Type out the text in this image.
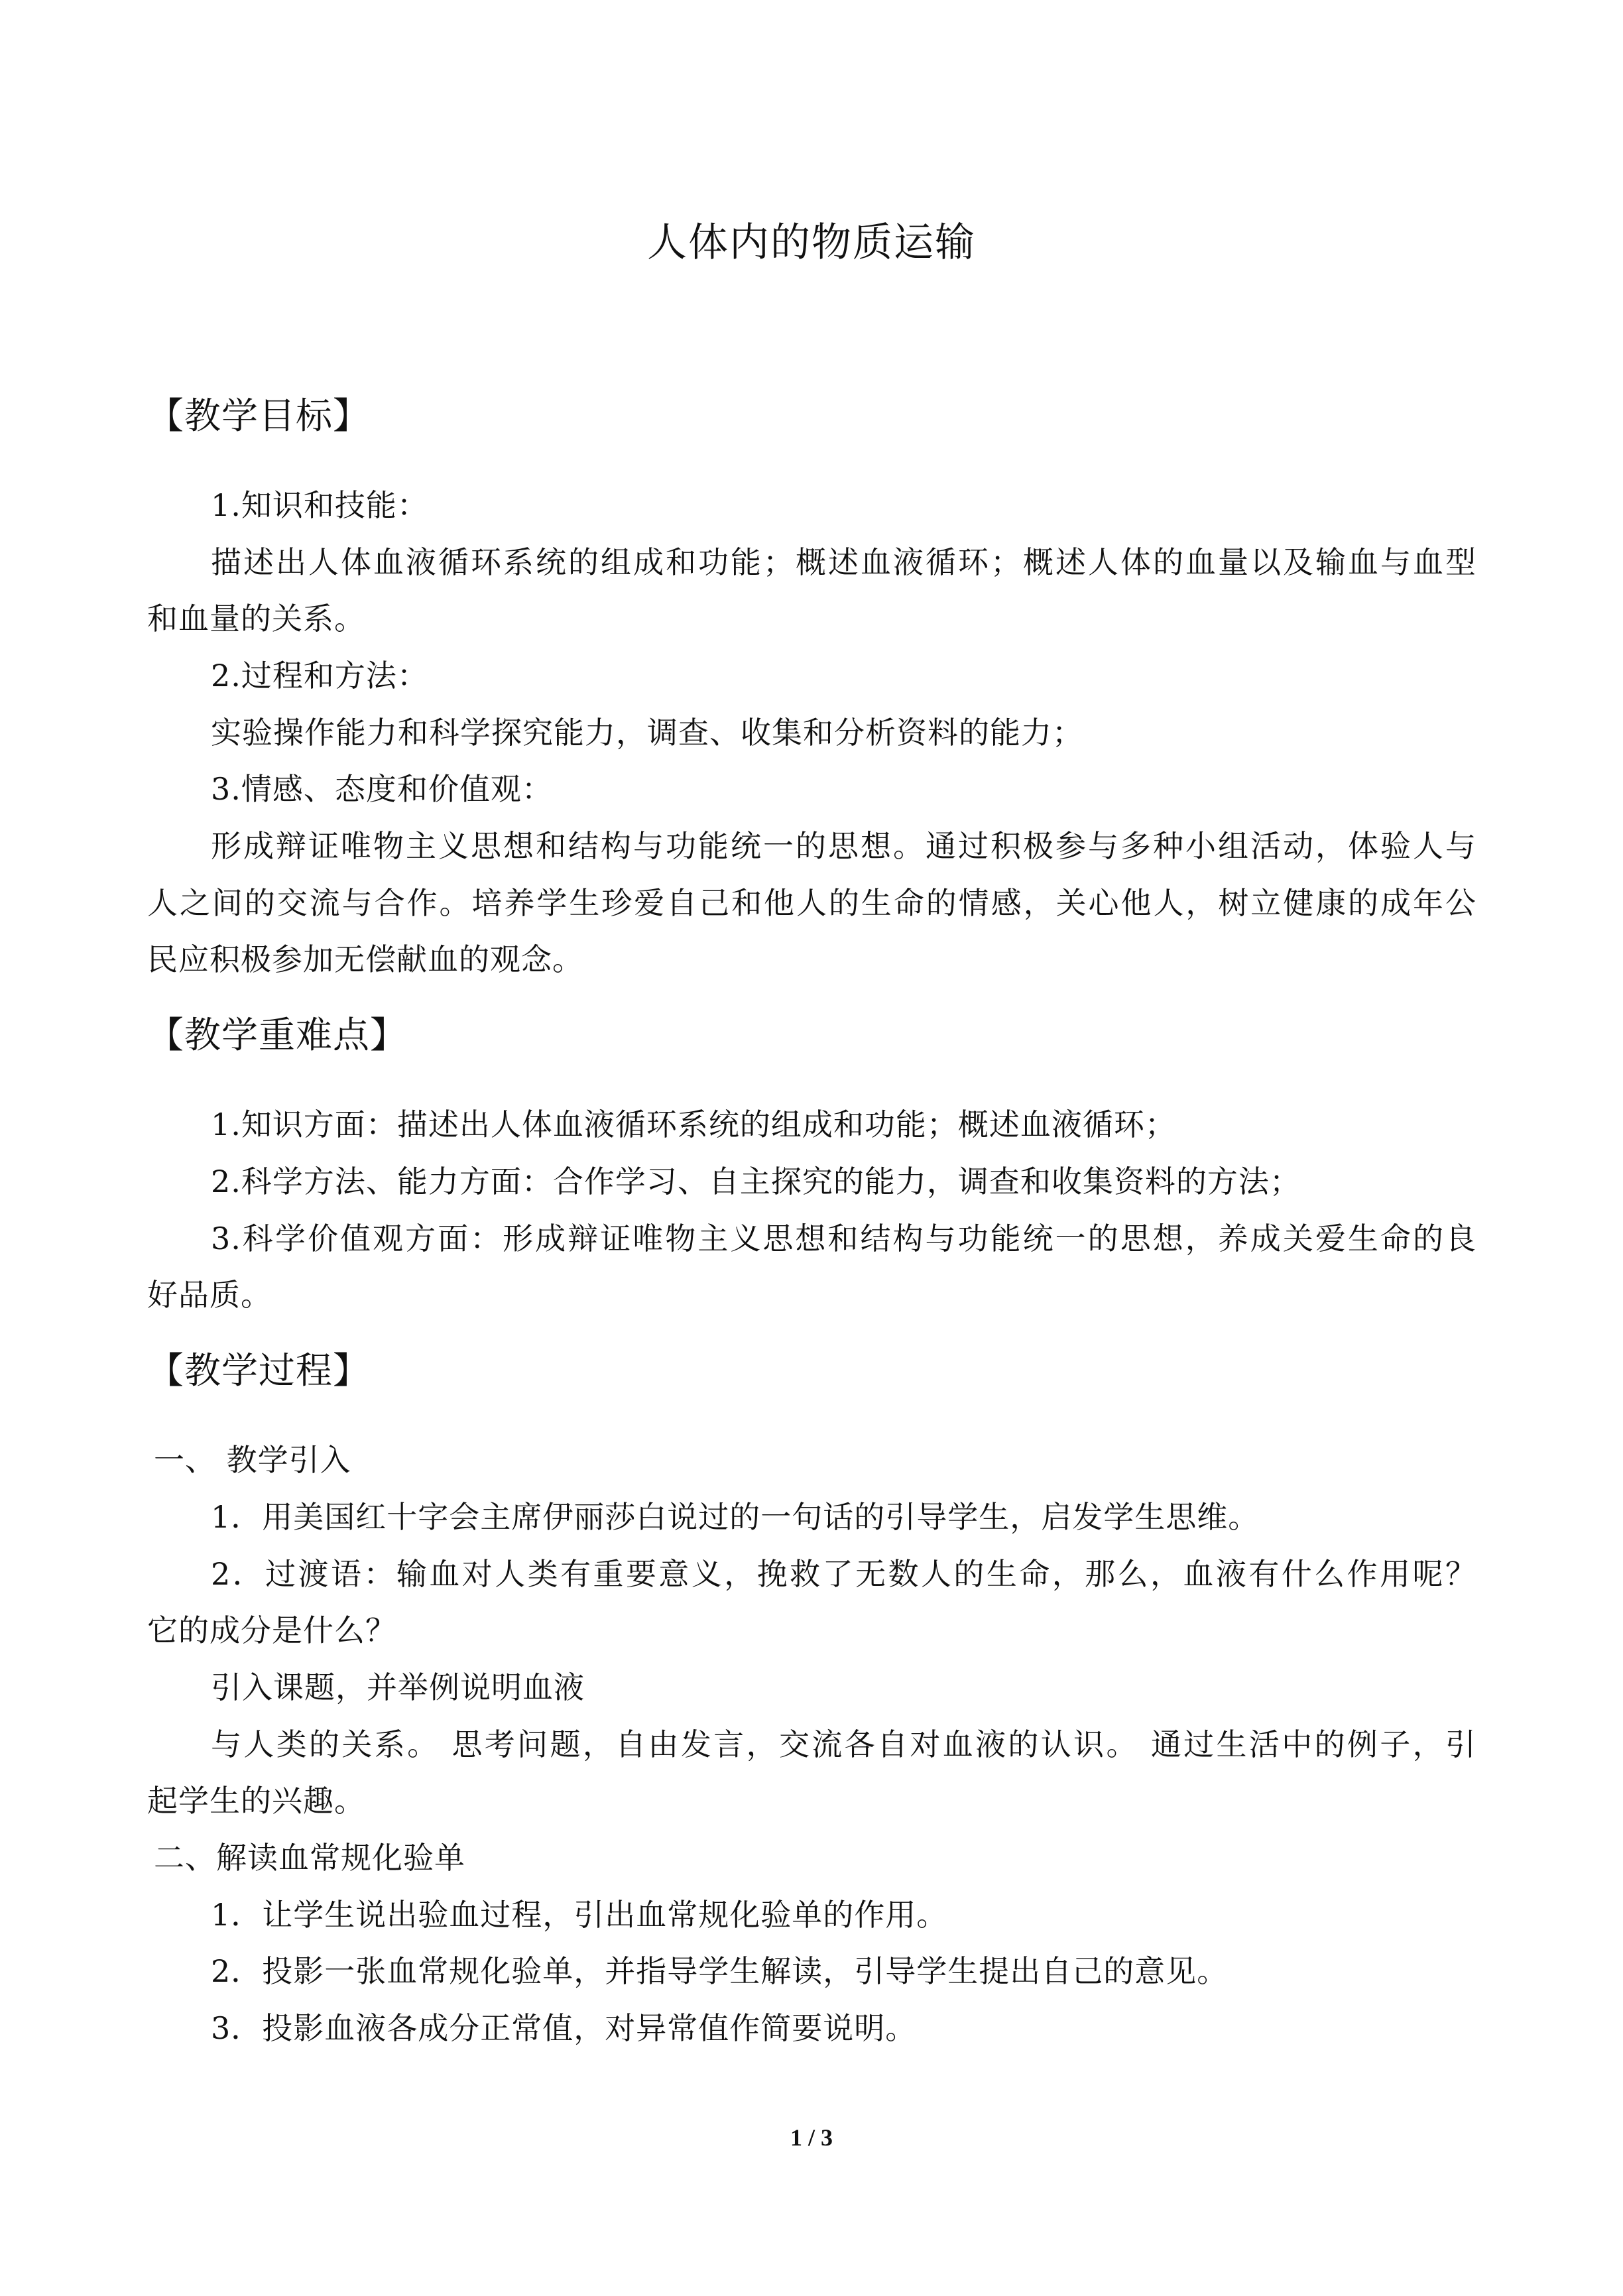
人体内的物质运输
【教学目标】
1.知识和技能：
描述出人体血液循环系统的组成和功能；概述血液循环；概述人体的血量以及输血与血型
和血量的关系。
2.过程和方法：
实验操作能力和科学探究能力，调查、收集和分析资料的能力；
3.情感、态度和价值观：
形成辩证唯物主义思想和结构与功能统一的思想。通过积极参与多种小组活动，体验人与
人之间的交流与合作。培养学生珍爱自己和他人的生命的情感，关心他人，树立健康的成年公
民应积极参加无偿献血的观念。
【教学重难点】
1.知识方面：描述出人体血液循环系统的组成和功能；概述血液循环；
2.科学方法、能力方面：合作学习、自主探究的能力，调查和收集资料的方法；
3.科学价值观方面：形成辩证唯物主义思想和结构与功能统一的思想，养成关爱生命的良
好品质。
【教学过程】
一、 教学引入
1．用美国红十字会主席伊丽莎白说过的一句话的引导学生，启发学生思维。
2．过渡语：输血对人类有重要意义，挽救了无数人的生命，那么，血液有什么作用呢？
它的成分是什么？
引入课题，并举例说明血液
与人类的关系。 思考问题，自由发言，交流各自对血液的认识。 通过生活中的例子，引
起学生的兴趣。
二、解读血常规化验单
1．让学生说出验血过程，引出血常规化验单的作用。
2．投影一张血常规化验单，并指导学生解读，引导学生提出自己的意见。
3．投影血液各成分正常值，对异常值作简要说明。
1 / 3
